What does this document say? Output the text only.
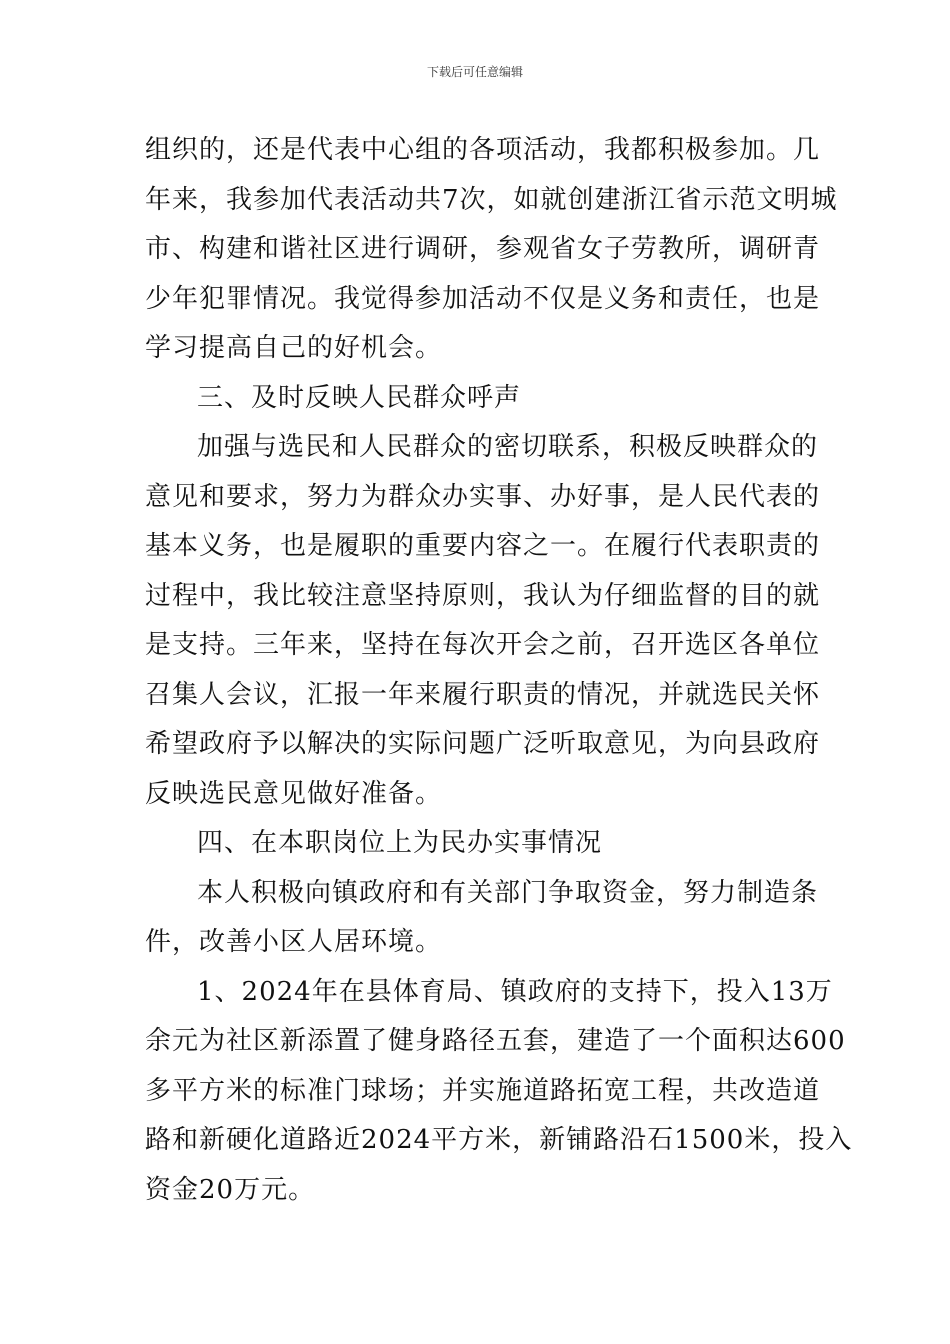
下载后可任意编辑
组织的，还是代表中心组的各项活动，我都积极参加。几
年来，我参加代表活动共7次，如就创建浙江省示范文明城
市、构建和谐社区进行调研，参观省女子劳教所，调研青
少年犯罪情况。我觉得参加活动不仅是义务和责任，也是
学习提高自己的好机会。
三、及时反映人民群众呼声
加强与选民和人民群众的密切联系，积极反映群众的
意见和要求，努力为群众办实事、办好事，是人民代表的
基本义务，也是履职的重要内容之一。在履行代表职责的
过程中，我比较注意坚持原则，我认为仔细监督的目的就
是支持。三年来，坚持在每次开会之前，召开选区各单位
召集人会议，汇报一年来履行职责的情况，并就选民关怀
希望政府予以解决的实际问题广泛听取意见，为向县政府
反映选民意见做好准备。
四、在本职岗位上为民办实事情况
本人积极向镇政府和有关部门争取资金，努力制造条
件，改善小区人居环境。
1、2024年在县体育局、镇政府的支持下，投入13万
余元为社区新添置了健身路径五套，建造了一个面积达600
多平方米的标准门球场；并实施道路拓宽工程，共改造道
路和新硬化道路近2024平方米，新铺路沿石1500米，投入
资金20万元。
